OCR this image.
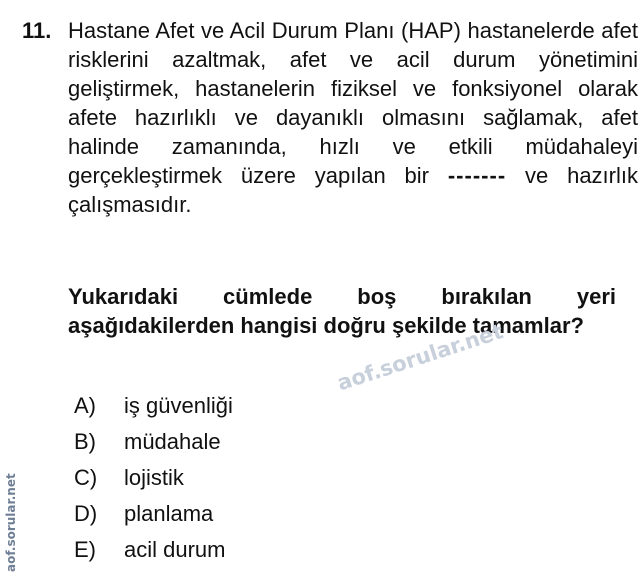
11. Hastane Afet ve Acil Durum Planı (HAP) hastanelerde afet risklerini azaltmak, afet ve acil durum yönetimini geliştirmek, hastanelerin fiziksel ve fonksiyonel olarak afete hazırlıklı ve dayanıklı olmasını sağlamak, afet halinde zamanında, hızlı ve etkili müdahaleyi gerçekleştirmek üzere yapılan bir ------- ve hazırlık çalışmasıdır.
Yukarıdaki cümlede boş bırakılan yeri aşağıdakilerden hangisi doğru şekilde tamamlar?
A)	iş güvenliği
B)	müdahale
C)	lojistik
D)	planlama
E)	acil durum
aof.sorular.net
aof.sorular.net
